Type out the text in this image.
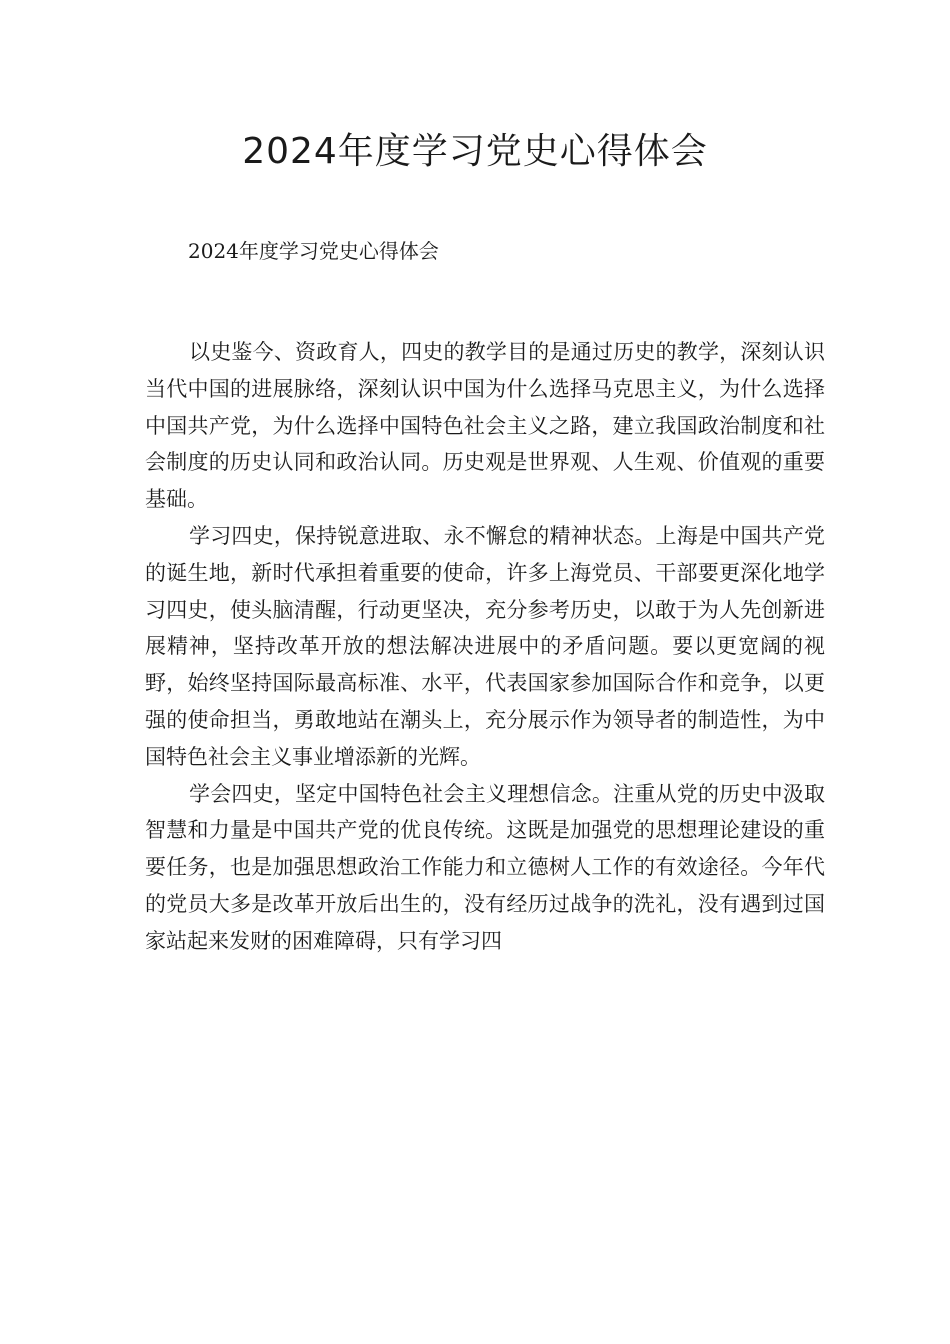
2024年度学习党史心得体会
2024年度学习党史心得体会

以史鉴今、资政育人，四史的教学目的是通过历史的教学，深刻认识当代中国的进展脉络，深刻认识中国为什么选择马克思主义，为什么选择中国共产党，为什么选择中国特色社会主义之路，建立我国政治制度和社会制度的历史认同和政治认同。历史观是世界观、人生观、价值观的重要基础。

学习四史，保持锐意进取、永不懈怠的精神状态。上海是中国共产党的诞生地，新时代承担着重要的使命，许多上海党员、干部要更深化地学习四史，使头脑清醒，行动更坚决，充分参考历史，以敢于为人先创新进展精神，坚持改革开放的想法解决进展中的矛盾问题。要以更宽阔的视野，始终坚持国际最高标准、水平，代表国家参加国际合作和竞争，以更强的使命担当，勇敢地站在潮头上，充分展示作为领导者的制造性，为中国特色社会主义事业增添新的光辉。

学会四史，坚定中国特色社会主义理想信念。注重从党的历史中汲取智慧和力量是中国共产党的优良传统。这既是加强党的思想理论建设的重要任务，也是加强思想政治工作能力和立德树人工作的有效途径。今年代的党员大多是改革开放后出生的，没有经历过战争的洗礼，没有遇到过国家站起来发财的困难障碍，只有学习四
